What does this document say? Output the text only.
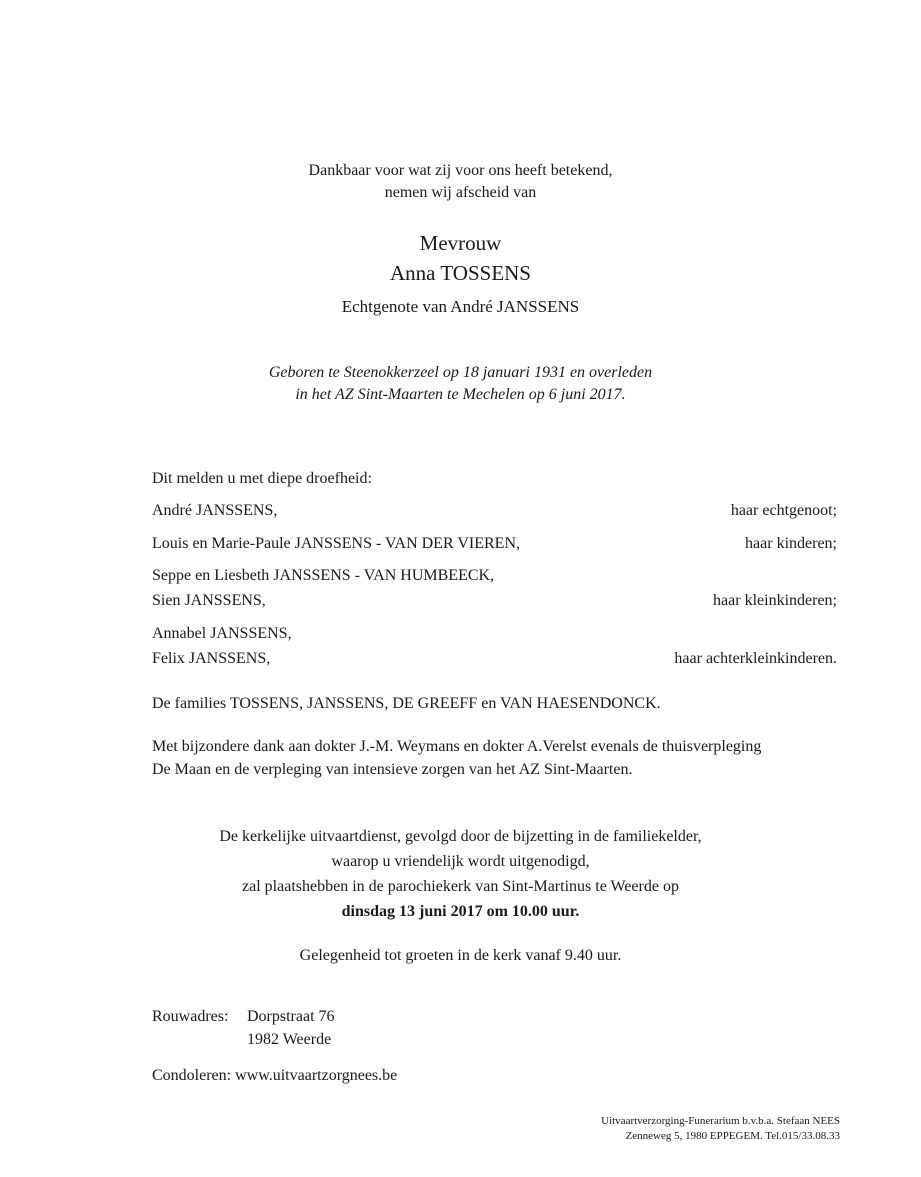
Dankbaar voor wat zij voor ons heeft betekend,
nemen wij afscheid van
Mevrouw
Anna TOSSENS
Echtgenote van André JANSSENS
Geboren te Steenokkerzeel op 18 januari 1931 en overleden
in het AZ Sint-Maarten te Mechelen op 6 juni 2017.
Dit melden u met diepe droefheid:
André JANSSENS,	haar echtgenoot;
Louis en Marie-Paule JANSSENS - VAN DER VIEREN,	haar kinderen;
Seppe en Liesbeth JANSSENS - VAN HUMBEECK,
Sien JANSSENS,	haar kleinkinderen;
Annabel JANSSENS,
Felix JANSSENS,	haar achterkleinkinderen.
De families TOSSENS, JANSSENS, DE GREEFF en VAN HAESENDONCK.
Met bijzondere dank aan dokter J.-M. Weymans en dokter A.Verelst evenals de thuisverpleging
De Maan en de verpleging van intensieve zorgen van het AZ Sint-Maarten.
De kerkelijke uitvaartdienst, gevolgd door de bijzetting in de familiekelder,
waarop u vriendelijk wordt uitgenodigd,
zal plaatshebben in de parochiekerk van Sint-Martinus te Weerde op
dinsdag 13 juni 2017 om 10.00 uur.
Gelegenheid tot groeten in de kerk vanaf 9.40 uur.
Rouwadres: Dorpstraat 76
1982 Weerde
Condoleren: www.uitvaartzorgnees.be
Uitvaartverzorging-Funerarium b.v.b.a. Stefaan NEES
Zenneweg 5, 1980 EPPEGEM. Tel.015/33.08.33
